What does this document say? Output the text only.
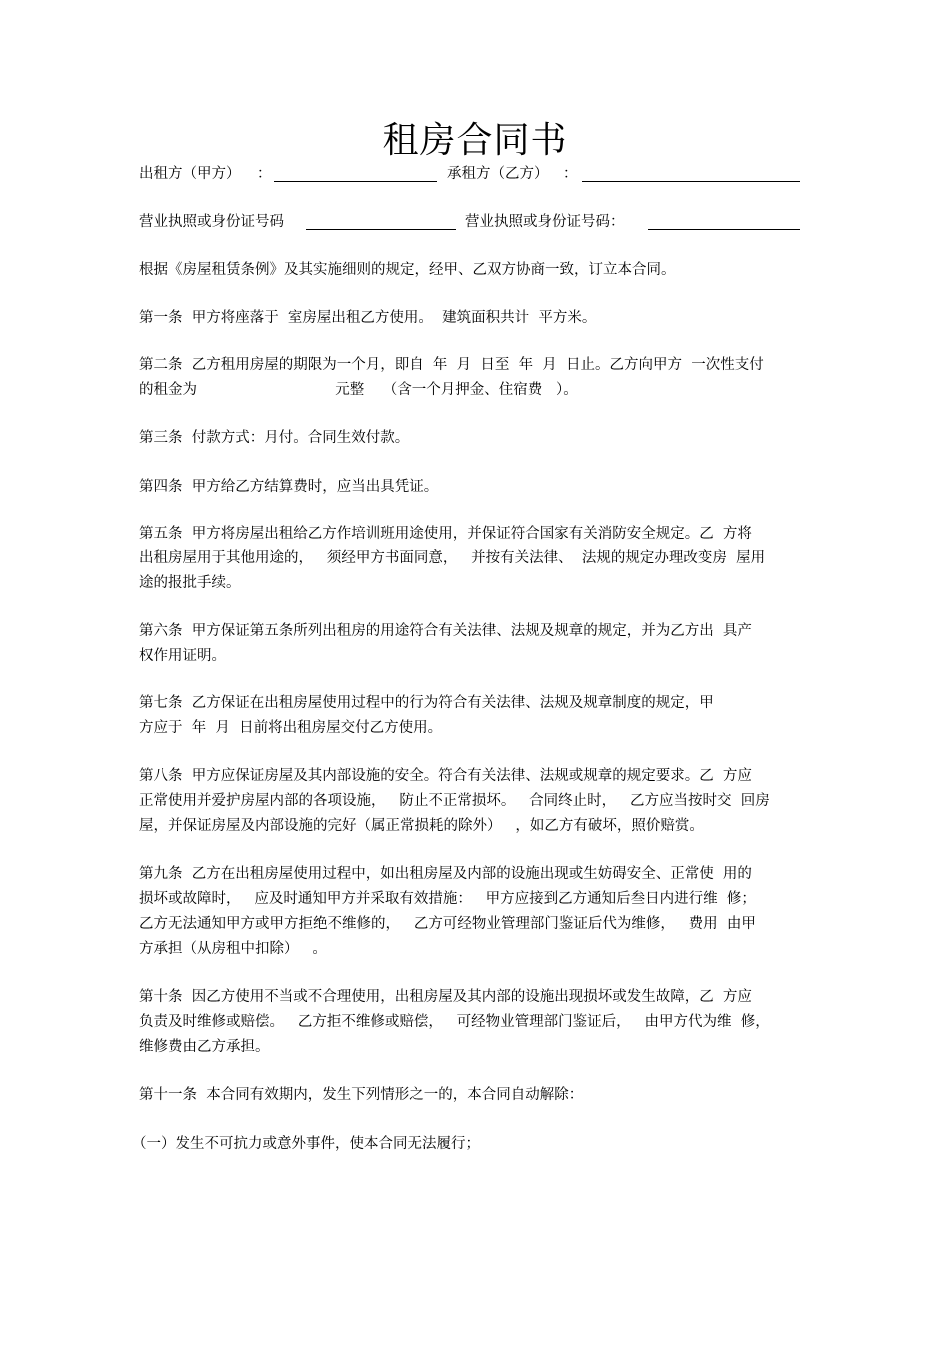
租房合同书

出租方（甲方）

：

	承租方（乙方）

：

营业执照或身份证号码

	营业执照或身份证号码：

根据《房屋租赁条例》及其实施细则的规定，经甲、乙双方协商一致，订立本合同。
第一条  甲方将座落于  室房屋出租乙方使用。  建筑面积共计  平方米。
第二条  乙方租用房屋的期限为一个月，即自  年  月  日至  年  月  日止。乙方向甲方  一次性支付
的租金为                              元整    （含一个月押金、住宿费   ）。
第三条  付款方式：月付。合同生效付款。
第四条  甲方给乙方结算费时，应当出具凭证。
第五条  甲方将房屋出租给乙方作培训班用途使用，并保证符合国家有关消防安全规定。乙  方将
出租房屋用于其他用途的，   须经甲方书面同意，   并按有关法律、  法规的规定办理改变房  屋用
途的报批手续。
第六条  甲方保证第五条所列出租房的用途符合有关法律、法规及规章的规定，并为乙方出  具产
权作用证明。
第七条  乙方保证在出租房屋使用过程中的行为符合有关法律、法规及规章制度的规定，甲
方应于  年  月  日前将出租房屋交付乙方使用。
第八条  甲方应保证房屋及其内部设施的安全。符合有关法律、法规或规章的规定要求。乙  方应
正常使用并爱护房屋内部的各项设施，   防止不正常损坏。   合同终止时，   乙方应当按时交  回房
屋，并保证房屋及内部设施的完好（属正常损耗的除外）   ，如乙方有破坏，照价赔赏。
第九条  乙方在出租房屋使用过程中，如出租房屋及内部的设施出现或生妨碍安全、正常使  用的
损坏或故障时，   应及时通知甲方并采取有效措施：   甲方应接到乙方通知后叁日内进行维  修；
乙方无法通知甲方或甲方拒绝不维修的，   乙方可经物业管理部门鉴证后代为维修，   费用  由甲
方承担（从房租中扣除）   。
第十条  因乙方使用不当或不合理使用，出租房屋及其内部的设施出现损坏或发生故障，乙  方应
负责及时维修或赔偿。   乙方拒不维修或赔偿，   可经物业管理部门鉴证后，   由甲方代为维  修，
维修费由乙方承担。
第十一条  本合同有效期内，发生下列情形之一的，本合同自动解除：
（一）发生不可抗力或意外事件，使本合同无法履行；
